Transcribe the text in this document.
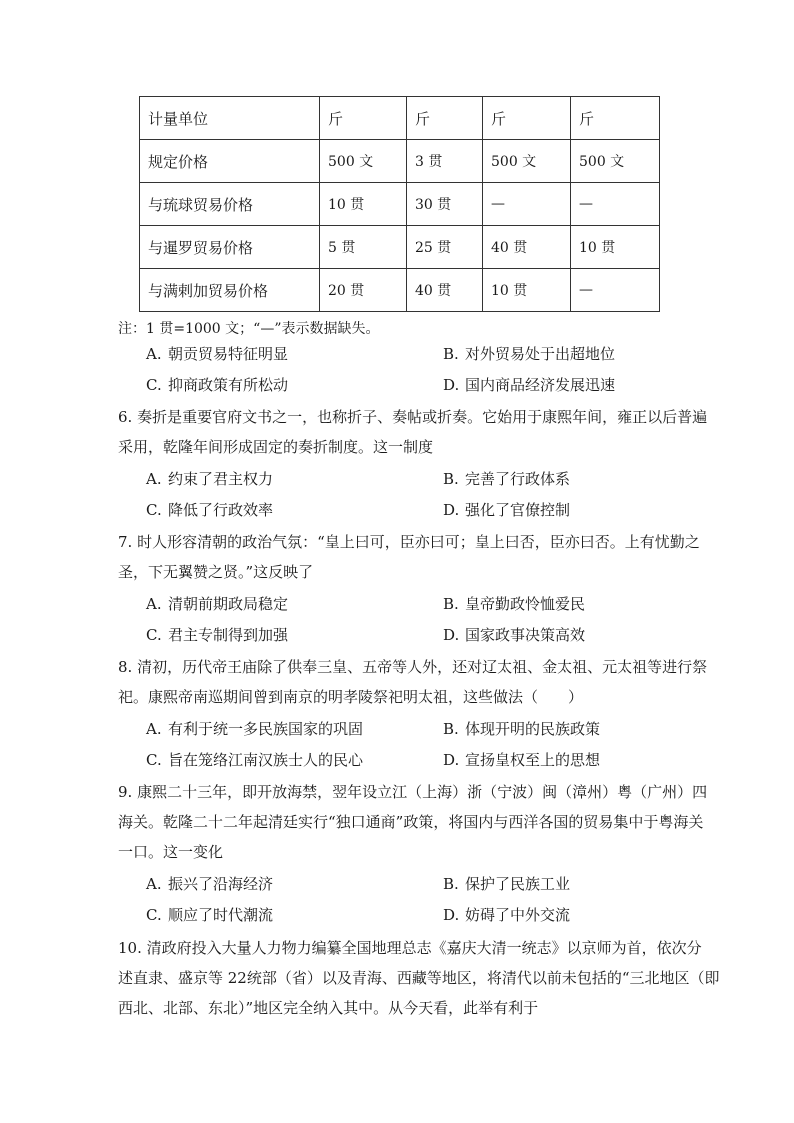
计量单位	斤	斤	斤	斤
规定价格	500 文	3 贯	500 文	500 文
与琉球贸易价格	10 贯	30 贯	—	—
与暹罗贸易价格	5 贯	25 贯	40 贯	10 贯
与满剌加贸易价格	20 贯	40 贯	10 贯	—
注：1 贯=1000 文；“—”表示数据缺失。
A. 朝贡贸易特征明显	B. 对外贸易处于出超地位
C. 抑商政策有所松动	D. 国内商品经济发展迅速

6. 奏折是重要官府文书之一，也称折子、奏帖或折奏。它始用于康熙年间，雍正以后普遍

采用，乾隆年间形成固定的奏折制度。这一制度

A. 约束了君主权力	B. 完善了行政体系
C. 降低了行政效率	D. 强化了官僚控制

7. 时人形容清朝的政治气氛：“皇上曰可，臣亦曰可；皇上曰否，臣亦曰否。上有忧勤之

圣，下无翼赞之贤。”这反映了

A. 清朝前期政局稳定	B. 皇帝勤政怜恤爱民
C. 君主专制得到加强	D. 国家政事决策高效

8. 清初，历代帝王庙除了供奉三皇、五帝等人外，还对辽太祖、金太祖、元太祖等进行祭

祀。康熙帝南巡期间曾到南京的明孝陵祭祀明太祖，这些做法（　　）

A. 有利于统一多民族国家的巩固	B. 体现开明的民族政策
C. 旨在笼络江南汉族士人的民心	D. 宣扬皇权至上的思想

9. 康熙二十三年，即开放海禁，翌年设立江（上海）浙（宁波）闽（漳州）粤（广州）四

海关。乾隆二十二年起清廷实行“独口通商”政策，将国内与西洋各国的贸易集中于粤海关

一口。这一变化

A. 振兴了沿海经济	B. 保护了民族工业
C. 顺应了时代潮流	D. 妨碍了中外交流

10. 清政府投入大量人力物力编纂全国地理总志《嘉庆大清一统志》以京师为首，依次分

述直隶、盛京等 22统部（省）以及青海、西藏等地区，将清代以前未包括的“三北地区（即

西北、北部、东北）”地区完全纳入其中。从今天看，此举有利于
